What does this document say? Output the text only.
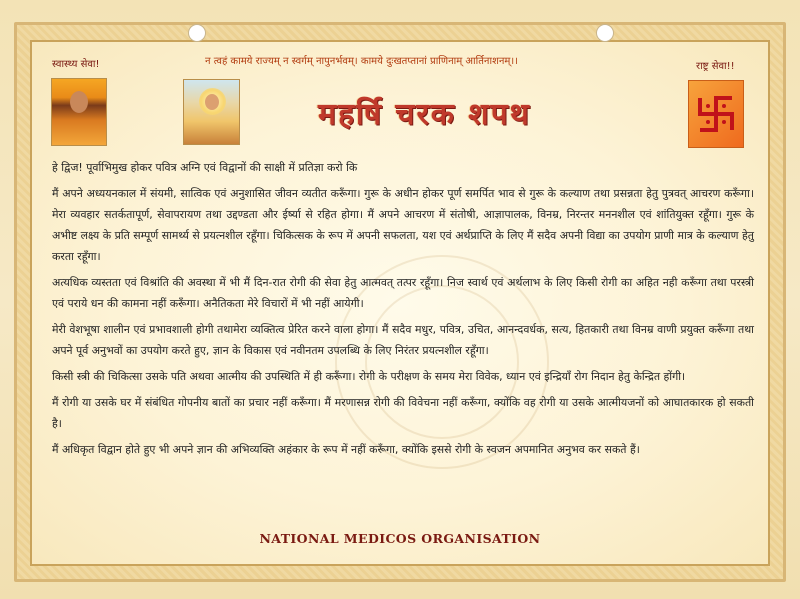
स्वास्थ्य सेवा!	न त्वहं कामये राज्यम् न स्वर्गम् नापुनर्भवम्। कामये दुःखतप्तानां प्राणिनाम् आर्तिनाशनम्।।	राष्ट्र सेवा!!
महर्षि चरक शपथ

हे द्विज! पूर्वाभिमुख होकर पवित्र अग्नि एवं विद्वानों की साक्षी में प्रतिज्ञा करो कि

मैं अपने अध्ययनकाल में संयमी, सात्विक एवं अनुशासित जीवन व्यतीत करूँगा। गुरू के अधीन होकर पूर्ण समर्पित भाव से गुरू के कल्याण तथा प्रसन्नता हेतु पुत्रवत् आचरण करूँगा। मेरा व्यवहार सतर्कतापूर्ण, सेवापरायण तथा उद्दण्डता और ईर्ष्या से रहित होगा। मैं अपने आचरण में संतोषी, आज्ञापालक, विनम्र, निरन्तर मननशील एवं शांतियुक्त रहूँगा। गुरू के अभीष्ट लक्ष्य के प्रति सम्पूर्ण सामर्थ्य से प्रयत्नशील रहूँगा। चिकित्सक के रूप में अपनी सफलता, यश एवं अर्थप्राप्ति के लिए मैं सदैव अपनी विद्या का उपयोग प्राणी मात्र के कल्याण हेतु करता रहूँगा।

अत्यधिक व्यस्तता एवं विश्रांति की अवस्था में भी मैं दिन-रात रोगी की सेवा हेतु आत्मवत् तत्पर रहूँगा। निज स्वार्थ एवं अर्थलाभ के लिए किसी रोगी का अहित नही करूँगा तथा परस्त्री एवं पराये धन की कामना नहीं करूँगा। अनैतिकता मेरे विचारों में भी नहीं आयेगी।

मेरी वेशभूषा शालीन एवं प्रभावशाली होगी तथामेरा व्यक्तित्व प्रेरित करने वाला होगा। मैं सदैव मधुर, पवित्र, उचित, आनन्दवर्धक, सत्य, हितकारी तथा विनम्र वाणी प्रयुक्त करूँगा तथा अपने पूर्व अनुभवों का उपयोग करते हुए, ज्ञान के विकास एवं नवीनतम उपलब्धि के लिए निरंतर प्रयत्नशील रहूँगा।

किसी स्त्री की चिकित्सा उसके पति अथवा आत्मीय की उपस्थिति में ही करूँगा। रोगी के परीक्षण के समय मेरा विवेक, ध्यान एवं इन्द्रियाँ रोग निदान हेतु केन्द्रित होंगी।

मैं रोगी या उसके घर में संबंधित गोपनीय बातों का प्रचार नहीं करूँगा। मैं मरणासन्न रोगी की विवेचना नहीं करूँगा, क्योंकि वह रोगी या उसके आत्मीयजनों को आघातकारक हो सकती है।

मैं अधिकृत विद्वान होते हुए भी अपने ज्ञान की अभिव्यक्ति अहंकार के रूप में नहीं करूँगा, क्योंकि इससे रोगी के स्वजन अपमानित अनुभव कर सकते हैं।

NATIONAL MEDICOS ORGANISATION
